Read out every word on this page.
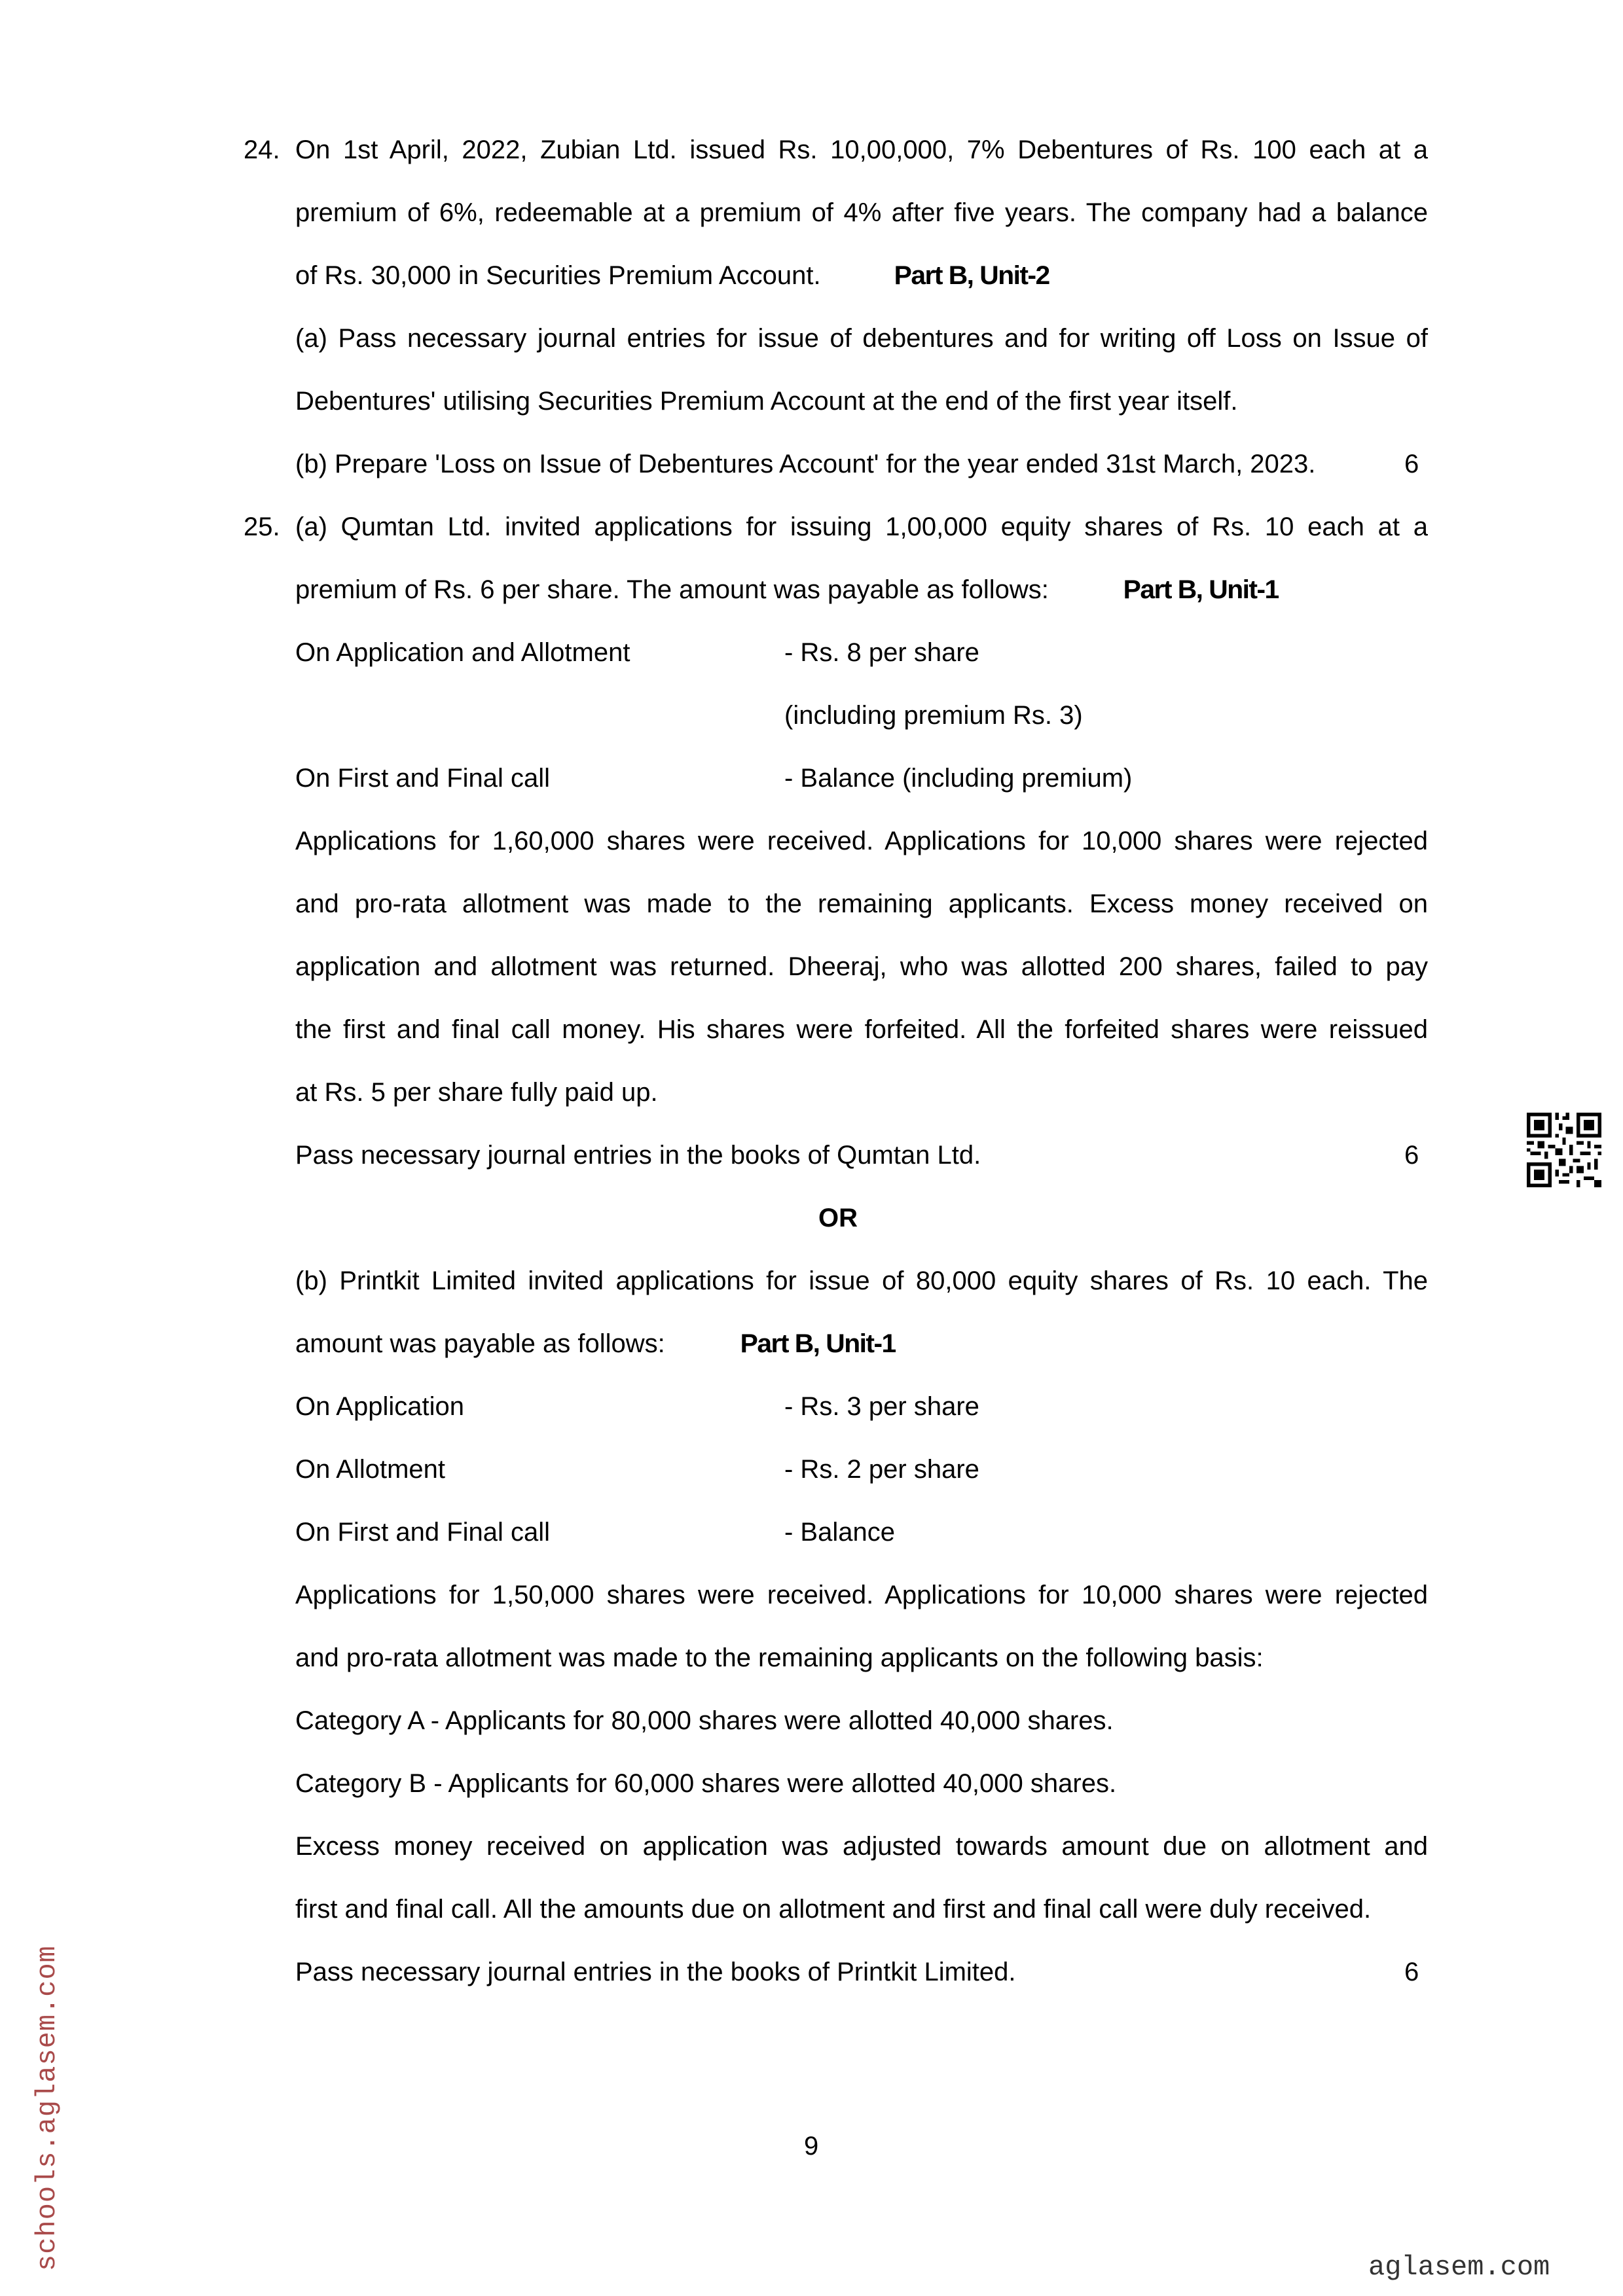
24. On 1st April, 2022, Zubian Ltd. issued Rs. 10,00,000, 7% Debentures of Rs. 100 each at a
premium of 6%, redeemable at a premium of 4% after five years. The company had a balance
of Rs. 30,000 in Securities Premium Account.	Part B, Unit-2
(a) Pass necessary journal entries for issue of debentures and for writing off Loss on Issue of
Debentures' utilising Securities Premium Account at the end of the first year itself.
(b) Prepare 'Loss on Issue of Debentures Account' for the year ended 31st March, 2023.	6
25. (a) Qumtan Ltd. invited applications for issuing 1,00,000 equity shares of Rs. 10 each at a
premium of Rs. 6 per share. The amount was payable as follows:	Part B, Unit-1
On Application and Allotment	- Rs. 8 per share
(including premium Rs. 3)
On First and Final call	- Balance (including premium)
Applications for 1,60,000 shares were received. Applications for 10,000 shares were rejected
and pro-rata allotment was made to the remaining applicants. Excess money received on
application and allotment was returned. Dheeraj, who was allotted 200 shares, failed to pay
the first and final call money. His shares were forfeited. All the forfeited shares were reissued
at Rs. 5 per share fully paid up.
Pass necessary journal entries in the books of Qumtan Ltd.	6
OR
(b) Printkit Limited invited applications for issue of 80,000 equity shares of Rs. 10 each. The
amount was payable as follows:	Part B, Unit-1
On Application	- Rs. 3 per share
On Allotment	- Rs. 2 per share
On First and Final call	- Balance
Applications for 1,50,000 shares were received. Applications for 10,000 shares were rejected
and pro-rata allotment was made to the remaining applicants on the following basis:
Category A - Applicants for 80,000 shares were allotted 40,000 shares.
Category B - Applicants for 60,000 shares were allotted 40,000 shares.
Excess money received on application was adjusted towards amount due on allotment and
first and final call. All the amounts due on allotment and first and final call were duly received.
Pass necessary journal entries in the books of Printkit Limited.	6
9
schools.aglasem.com	aglasem.com
